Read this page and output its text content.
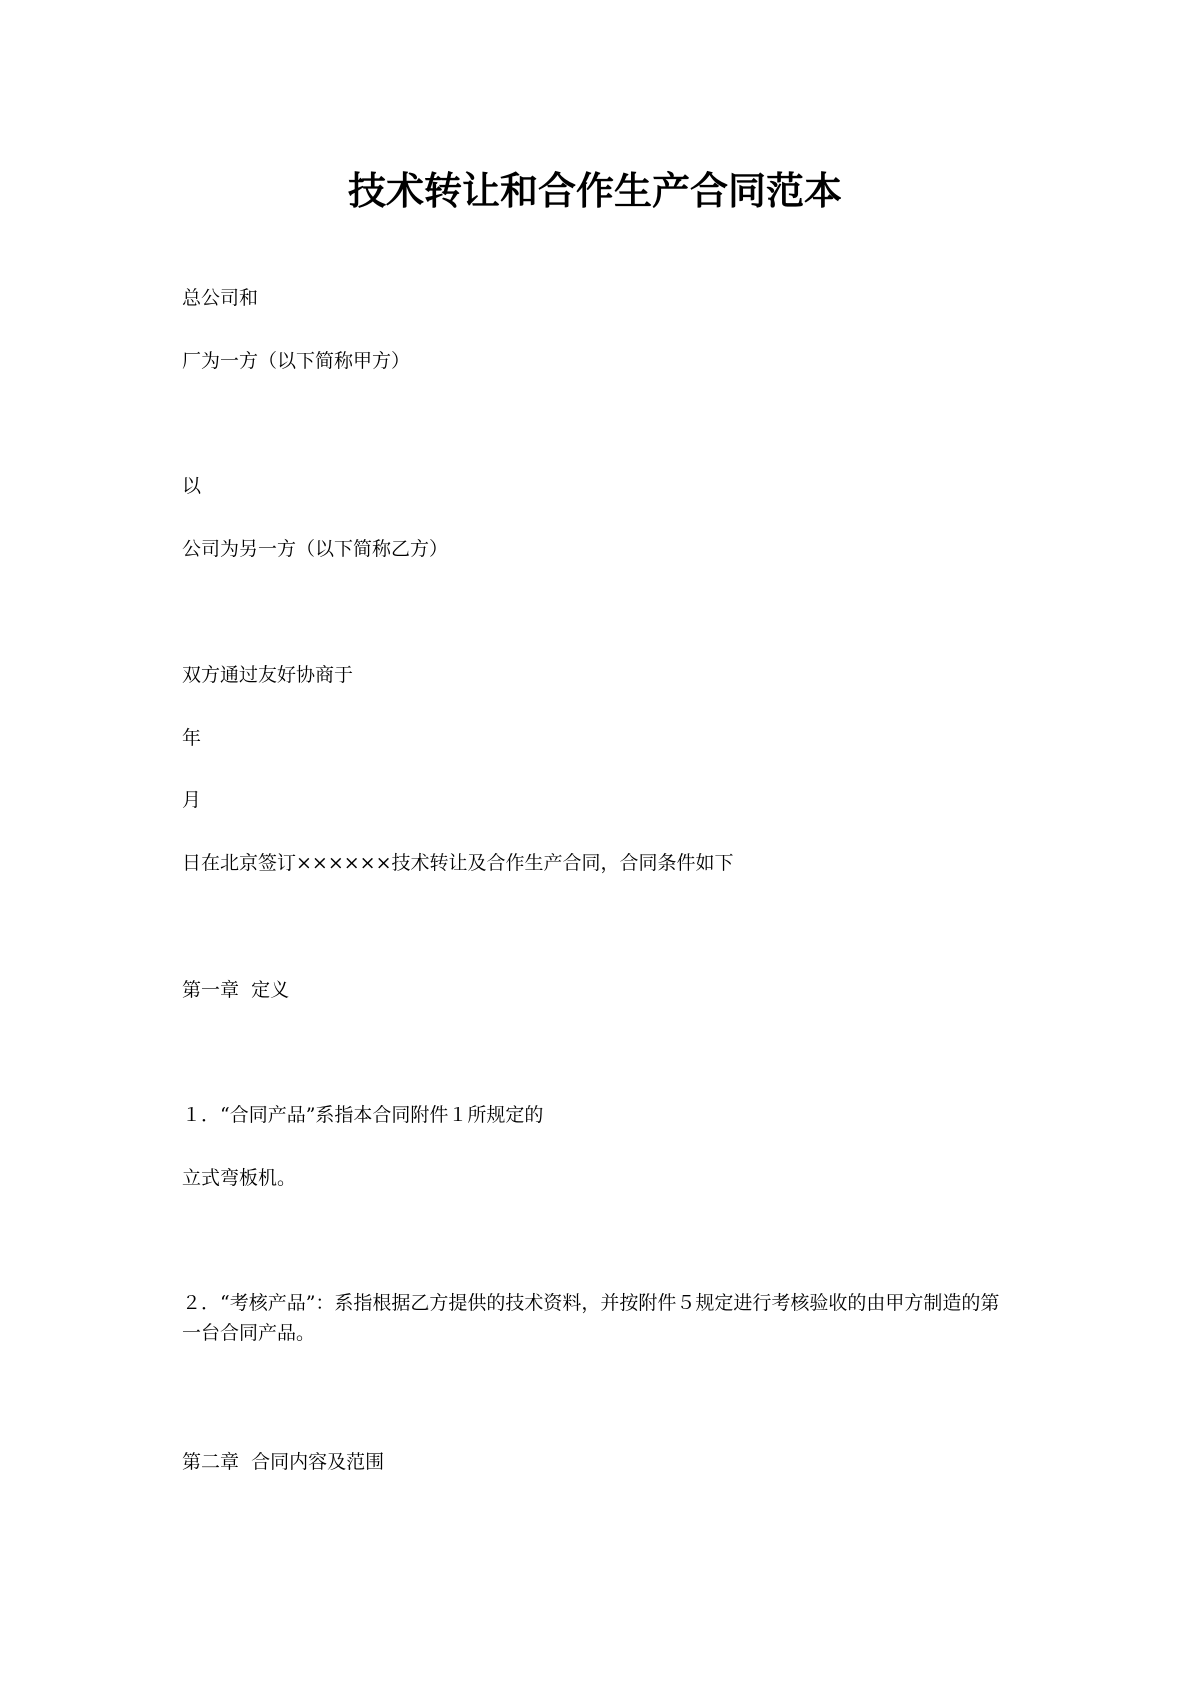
技术转让和合作生产合同范本

总公司和

厂为一方（以下简称甲方）

以

公司为另一方（以下简称乙方）

双方通过友好协商于

年

月

日在北京签订××××××技术转让及合作生产合同，合同条件如下

第一章  定义

１．“合同产品”系指本合同附件１所规定的

立式弯板机。

２．“考核产品”：系指根据乙方提供的技术资料，并按附件５规定进行考核验收的由甲方制造的第一台合同产品。

第二章  合同内容及范围
